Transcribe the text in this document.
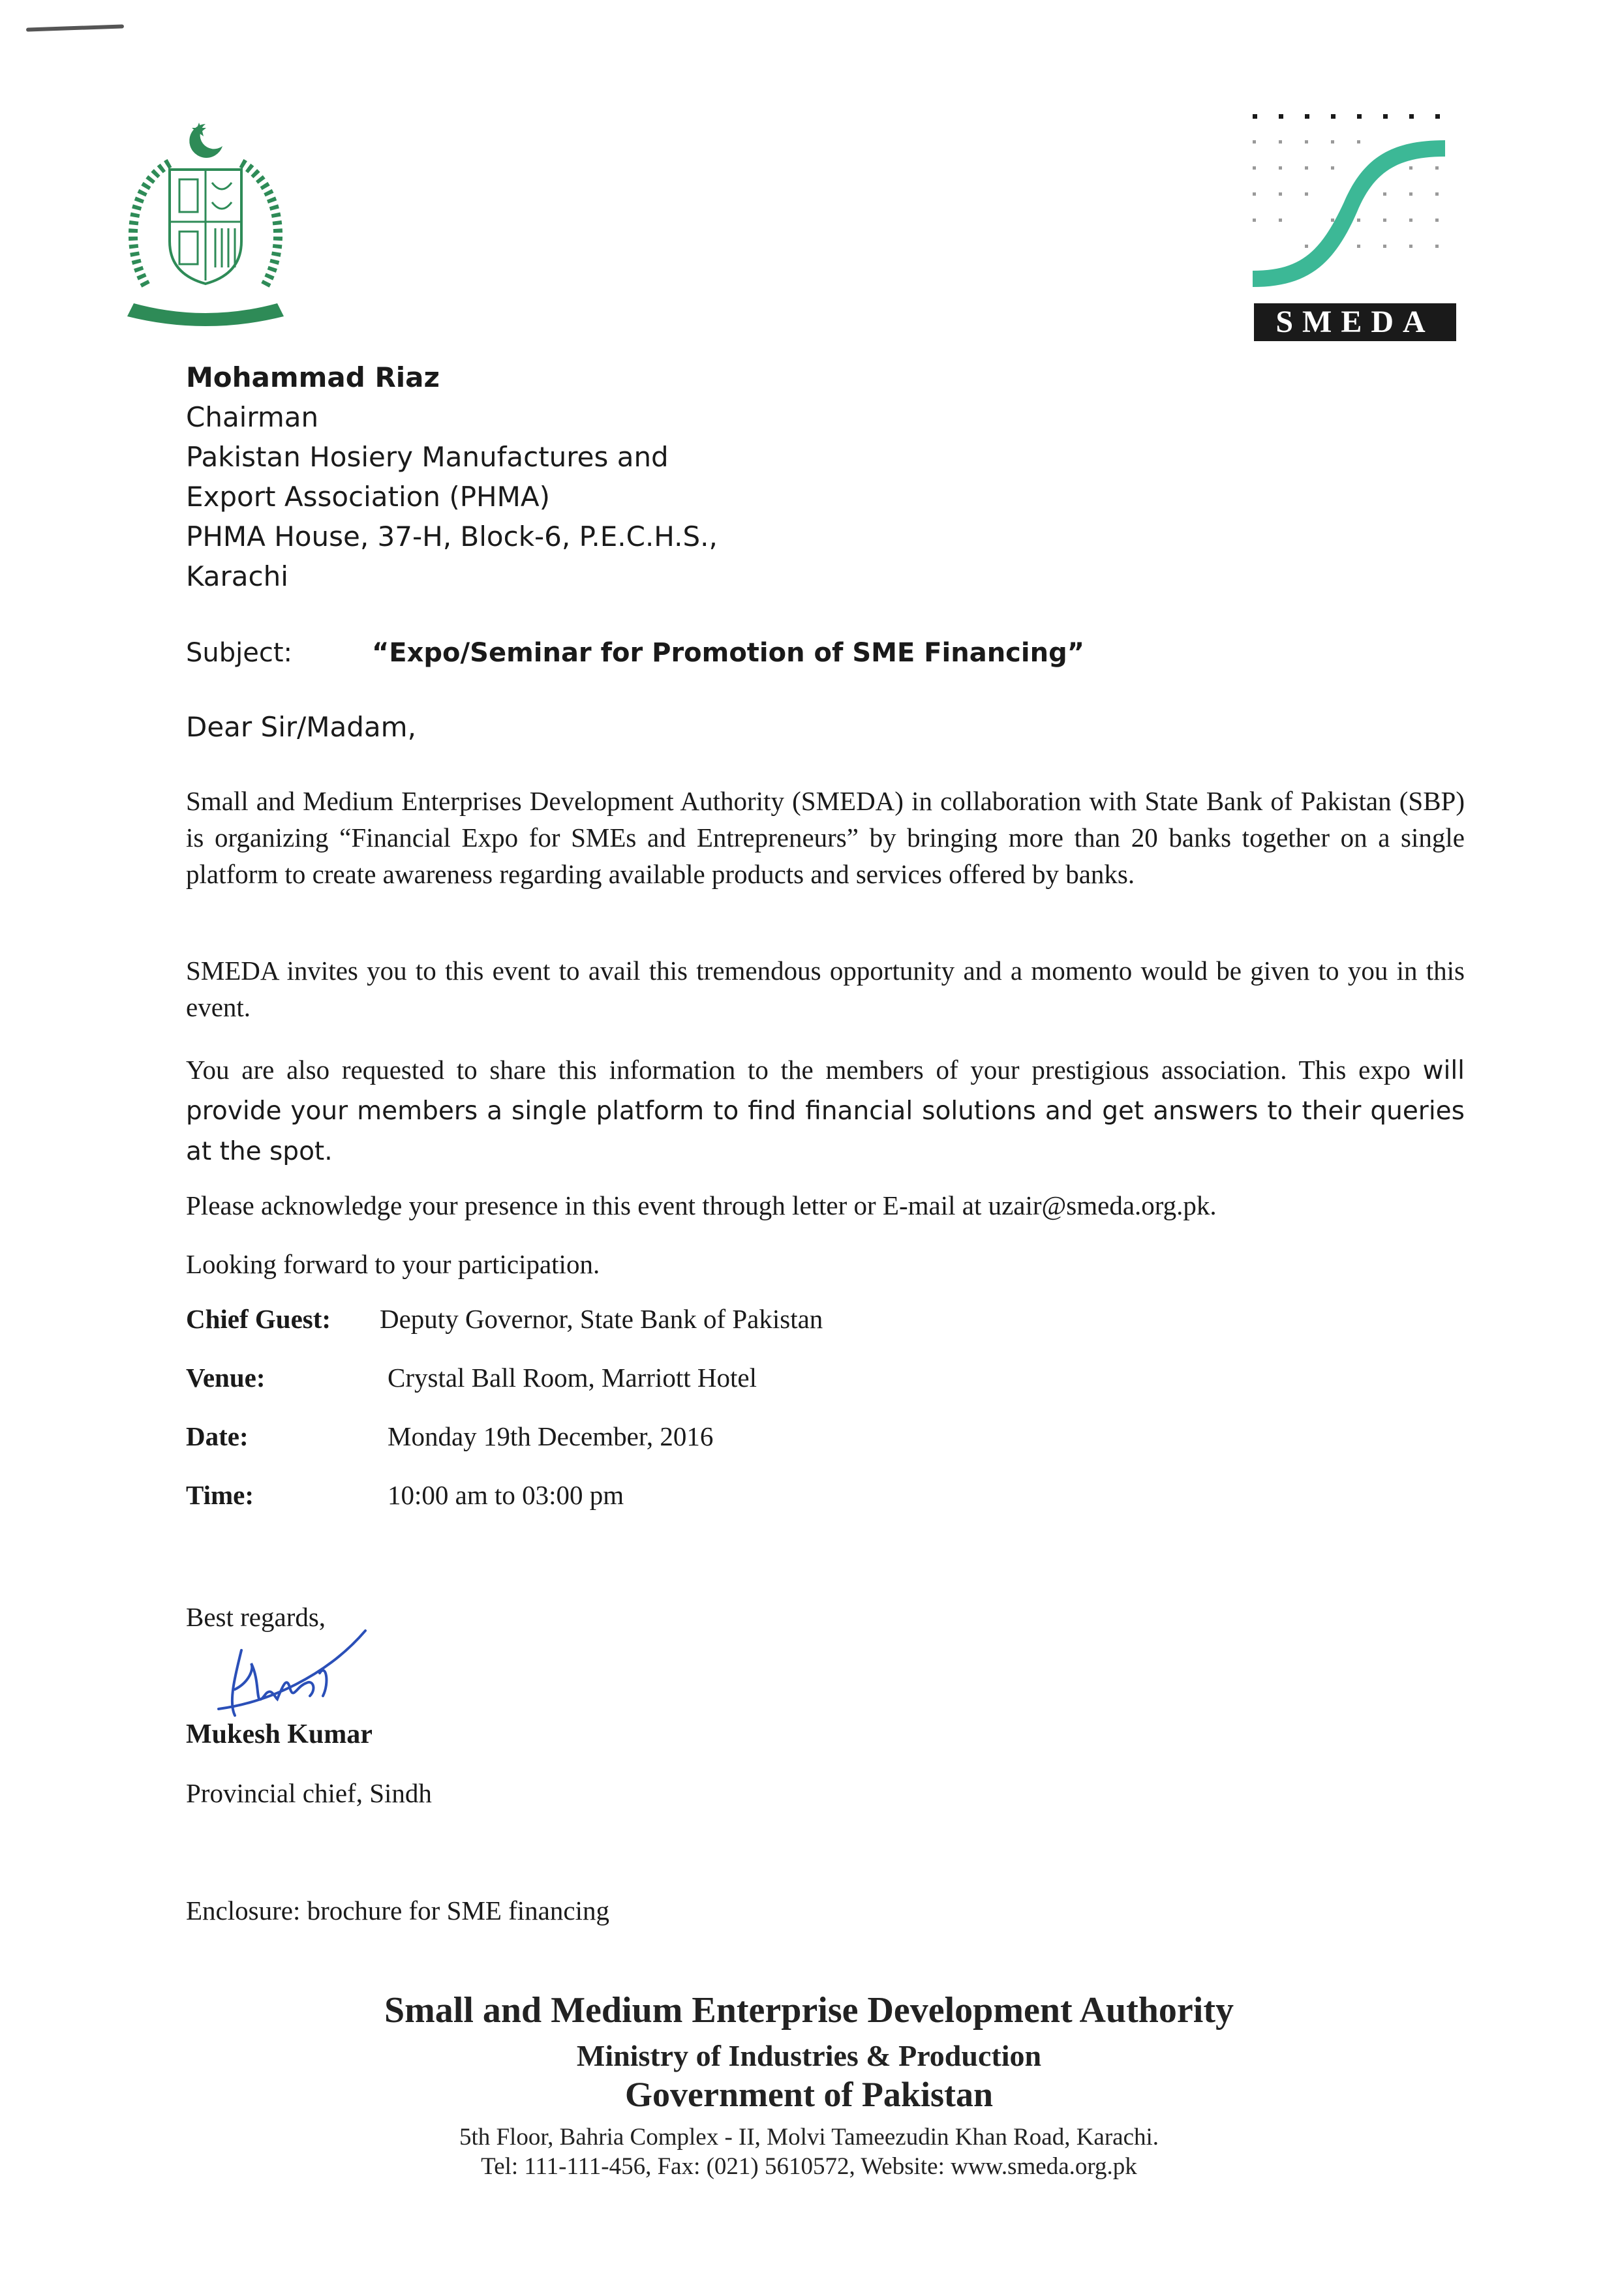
SMEDA
Mohammad Riaz
Chairman
Pakistan Hosiery Manufactures and
Export Association (PHMA)
PHMA House, 37-H, Block-6, P.E.C.H.S.,
Karachi
Subject:	“Expo/Seminar for Promotion of SME Financing”
Dear Sir/Madam,
Small and Medium Enterprises Development Authority (SMEDA) in collaboration with State Bank of Pakistan (SBP) is organizing “Financial Expo for SMEs and Entrepreneurs” by bringing more than 20 banks together on a single platform to create awareness regarding available products and services offered by banks.
SMEDA invites you to this event to avail this tremendous opportunity and a momento would be given to you in this event.
You are also requested to share this information to the members of your prestigious association. This expo will provide your members a single platform to find financial solutions and get answers to their queries at the spot.
Please acknowledge your presence in this event through letter or E-mail at uzair@smeda.org.pk.
Looking forward to your participation.
Chief Guest: Deputy Governor, State Bank of Pakistan
Venue:	Crystal Ball Room, Marriott Hotel
Date:	Monday 19th December, 2016
Time:	10:00 am to 03:00 pm
Best regards,
Mukesh Kumar
Provincial chief, Sindh
Enclosure: brochure for SME financing
Small and Medium Enterprise Development Authority
Ministry of Industries & Production
Government of Pakistan
5th Floor, Bahria Complex - II, Molvi Tameezudin Khan Road, Karachi.
Tel: 111-111-456, Fax: (021) 5610572, Website: www.smeda.org.pk
